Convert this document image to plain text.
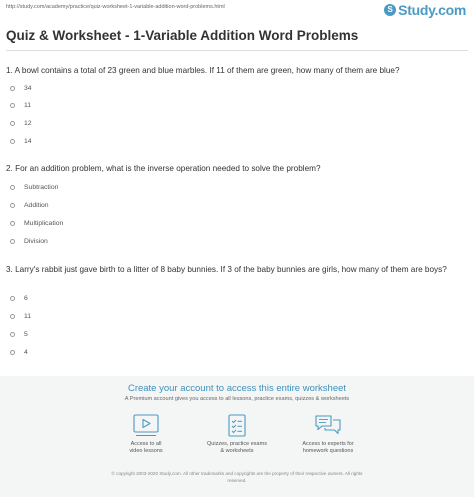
http://study.com/academy/practice/quiz-worksheet-1-variable-addition-word-problems.html	S Study.com
Quiz & Worksheet - 1-Variable Addition Word Problems
1. A bowl contains a total of 23 green and blue marbles. If 11 of them are green, how many of them are blue?
34
11
12
14
2. For an addition problem, what is the inverse operation needed to solve the problem?
Subtraction
Addition
Multiplication
Division
3. Larry's rabbit just gave birth to a litter of 8 baby bunnies. If 3 of the baby bunnies are girls, how many of them are boys?
6
11
5
4
Create your account to access this entire worksheet
A Premium account gives you access to all lessons, practice exams, quizzes & worksheets
Access to all
video lessons
Quizzes, practice exams
& worksheets
Access to experts for
homework questions
© copyright 2003-2020 Study.com. All other trademarks and copyrights are the property of their respective owners. All rights
reserved.
